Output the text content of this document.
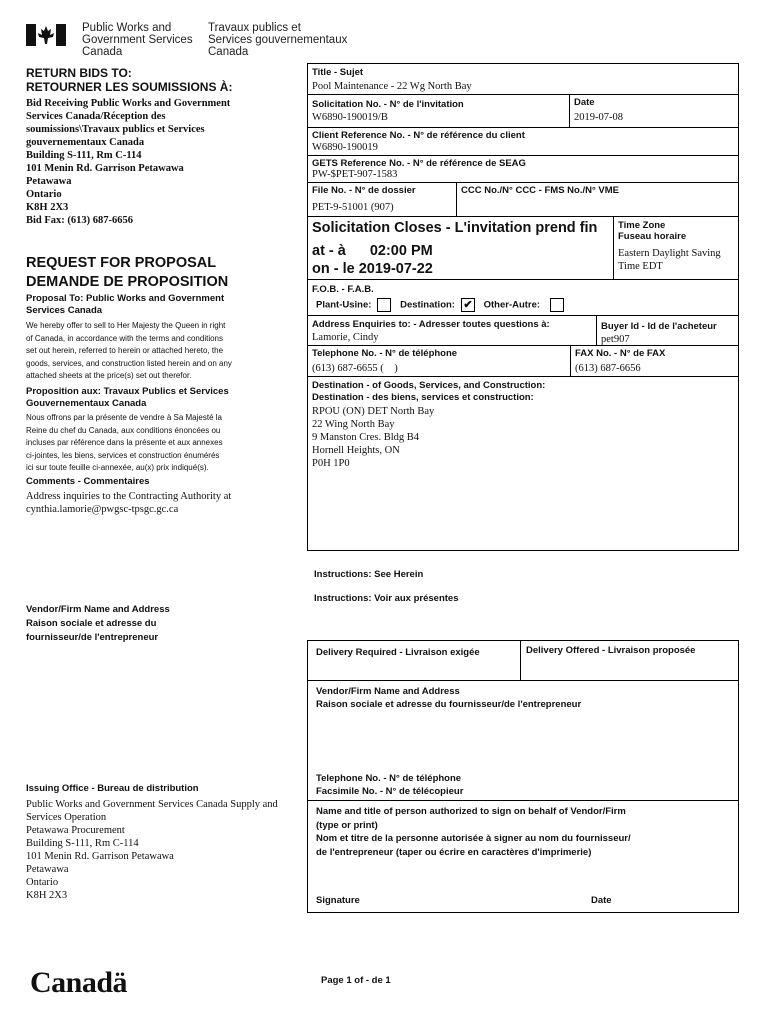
Public Works and
Government Services
Canada
Travaux publics et
Services gouvernementaux
Canada
RETURN BIDS TO:
RETOURNER LES SOUMISSIONS À:
Bid Receiving Public Works and Government
Services Canada/Réception des
soumissions\Travaux publics et Services
gouvernementaux Canada
Building S-111, Rm C-114
101 Menin Rd. Garrison Petawawa
Petawawa
Ontario
K8H 2X3
Bid Fax: (613) 687-6656
REQUEST FOR PROPOSAL
DEMANDE DE PROPOSITION
Proposal To: Public Works and Government Services Canada
We hereby offer to sell to Her Majesty the Queen in right
of Canada, in accordance with the terms and conditions
set out herein, referred to herein or attached hereto, the
goods, services, and construction listed herein and on any
attached sheets at the price(s) set out therefor.
Proposition aux: Travaux Publics et Services Gouvernementaux Canada
Nous offrons par la présente de vendre à Sa Majesté la
Reine du chef du Canada, aux conditions énoncées ou
incluses par référence dans la présente et aux annexes
ci-jointes, les biens, services et construction énumérés
ici sur toute feuille ci-annexée, au(x) prix indiqué(s).
Comments - Commentaires
Address inquiries to the Contracting Authority at
cynthia.lamorie@pwgsc-tpsgc.gc.ca
Vendor/Firm Name and Address
Raison sociale et adresse du
fournisseur/de l'entrepreneur
Issuing Office - Bureau de distribution
Public Works and Government Services Canada Supply and
Services Operation
Petawawa Procurement
Building S-111, Rm C-114
101 Menin Rd. Garrison Petawawa
Petawawa
Ontario
K8H 2X3
Title - Sujet
Pool Maintenance - 22 Wg North Bay
Solicitation No. - N° de l'invitation
W6890-190019/B
Date
2019-07-08
Client Reference No. - N° de référence du client
W6890-190019
GETS Reference No. - N° de référence de SEAG
PW-$PET-907-1583
File No. - N° de dossier
PET-9-51001 (907)
CCC No./N° CCC - FMS No./N° VME
Solicitation Closes - L'invitation prend fin
at - à 02:00 PM
on - le 2019-07-22
Time Zone
Fuseau horaire
Eastern Daylight Saving
Time EDT
F.O.B. - F.A.B.
Plant-Usine:	Destination: ✔ Other-Autre:
Address Enquiries to: - Adresser toutes questions à:
Lamorie, Cindy
Buyer Id - Id de l'acheteur
pet907
Telephone No. - N° de téléphone
(613) 687-6655 (    )
FAX No. - N° de FAX
(613) 687-6656
Destination - of Goods, Services, and Construction:
Destination - des biens, services et construction:
RPOU (ON) DET North Bay
22 Wing North Bay
9 Manston Cres. Bldg B4
Hornell Heights, ON
P0H 1P0
Instructions: See Herein
Instructions: Voir aux présentes
Delivery Required - Livraison exigée	Delivery Offered - Livraison proposée
Vendor/Firm Name and Address
Raison sociale et adresse du fournisseur/de l'entrepreneur
Telephone No. - N° de téléphone
Facsimile No. - N° de télécopieur
Name and title of person authorized to sign on behalf of Vendor/Firm
(type or print)
Nom et titre de la personne autorisée à signer au nom du fournisseur/
de l'entrepreneur (taper ou écrire en caractères d'imprimerie)
Signature	Date
Canadä	Page 1 of - de 1
